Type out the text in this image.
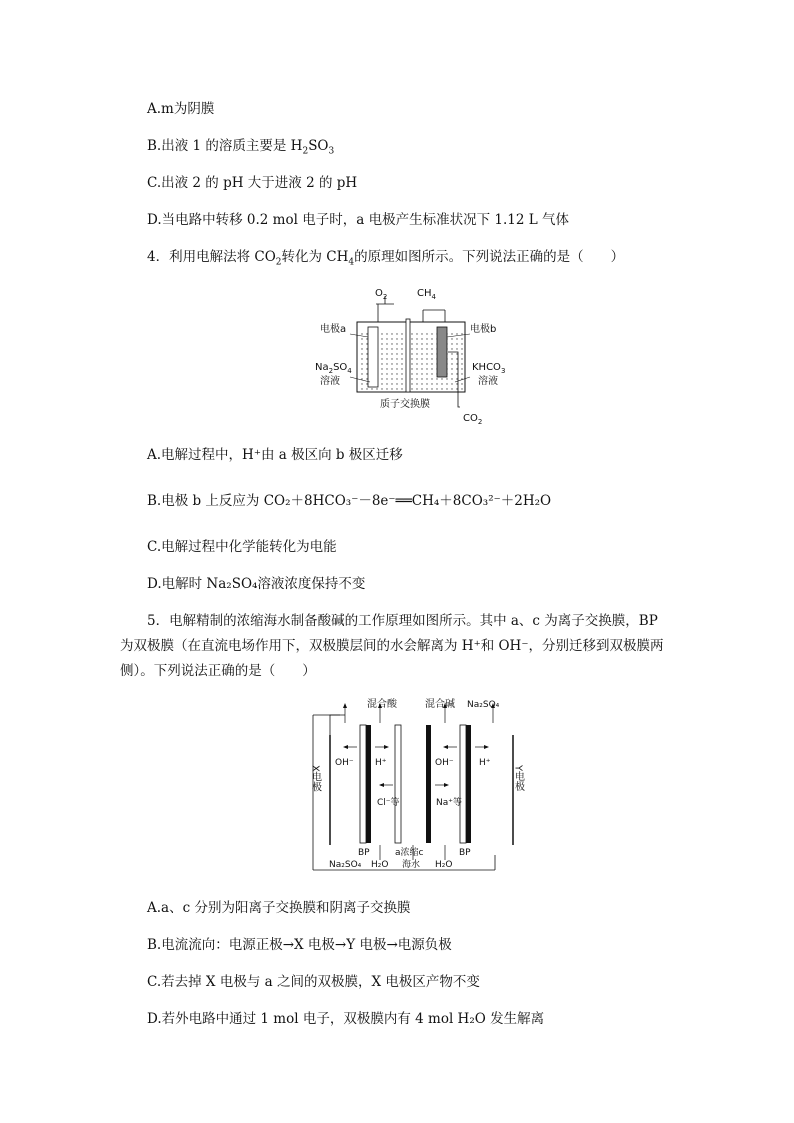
A.m为阴膜
B.出液 1 的溶质主要是 $H_2SO_3$
C.出液 2 的 pH 大于进液 2 的 pH
D.当电路中转移 0.2 mol 电子时，a 电极产生标准状况下 1.12 L 气体
4．利用电解法将 $CO_2$转化为 $CH_4$的原理如图所示。下列说法正确的是（　　）
$O_2$	$CH_4$
电极a	电极b
$Na_2SO_4$
溶液
$KHCO_3$
溶液
质子交换膜
$CO_2$
A.电解过程中，H⁺由 a 极区向 b 极区迁移
B.电极 b 上反应为 CO₂＋8HCO₃⁻－8e⁻══CH₄＋8CO₃²⁻＋2H₂O
C.电解过程中化学能转化为电能
D.电解时 Na₂SO₄溶液浓度保持不变
5．电解精制的浓缩海水制备酸碱的工作原理如图所示。其中 a、c 为离子交换膜，BP
为双极膜（在直流电场作用下，双极膜层间的水会解离为 H⁺和 OH⁻，分别迁移到双极膜两
侧）。下列说法正确的是（　　）
混合酸	混合碱 Na₂SO₄
X电极	Y电极
OH⁻ H⁺
Cl⁻等	Na⁺等
OH⁻	H⁺
BP	BP
Na₂SO₄ H₂O
a浓缩c
海水 H₂O
A.a、c 分别为阳离子交换膜和阴离子交换膜
B.电流流向：电源正极→X 电极→Y 电极→电源负极
C.若去掉 X 电极与 a 之间的双极膜，X 电极区产物不变
D.若外电路中通过 1 mol 电子，双极膜内有 4 mol H₂O 发生解离
